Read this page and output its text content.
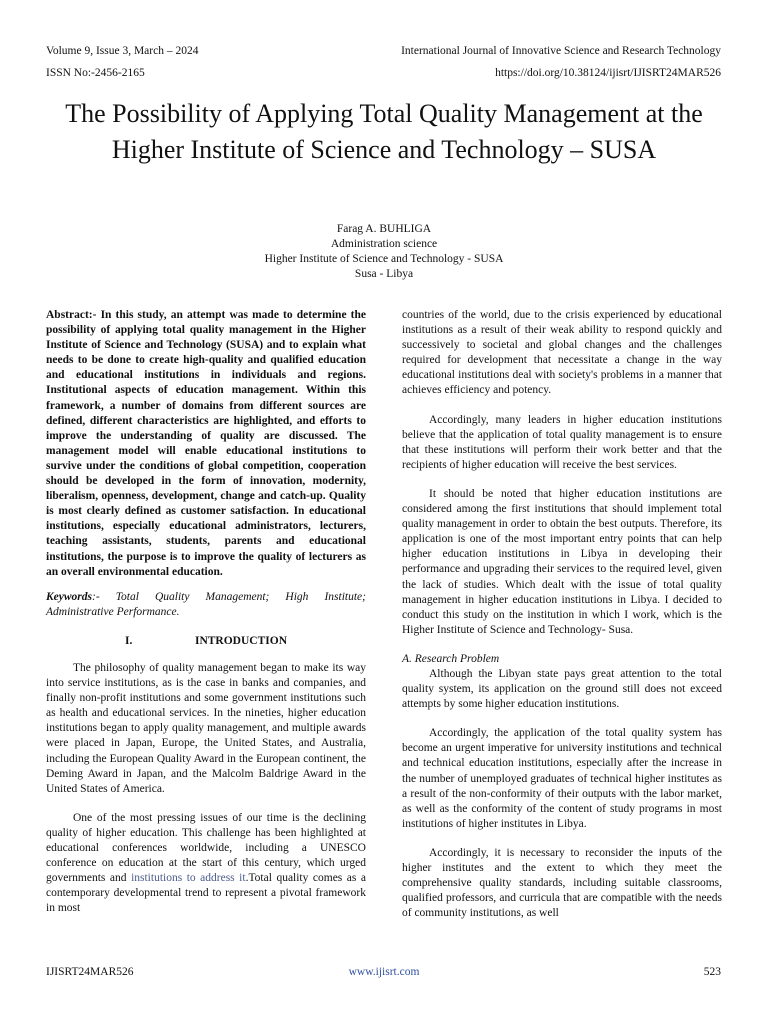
Volume 9, Issue 3, March ‒ 2024	International Journal of Innovative Science and Research Technology
ISSN No:-2456-2165	https://doi.org/10.38124/ijisrt/IJISRT24MAR526
The Possibility of Applying Total Quality Management at the Higher Institute of Science and Technology – SUSA
Farag A. BUHLIGA
Administration science
Higher Institute of Science and Technology - SUSA
Susa - Libya

Abstract:- In this study, an attempt was made to determine the possibility of applying total quality management in the Higher Institute of Science and Technology (SUSA) and to explain what needs to be done to create high-quality and qualified education and educational institutions in individuals and regions. Institutional aspects of education management. Within this framework, a number of domains from different sources are defined, different characteristics are highlighted, and efforts to improve the understanding of quality are discussed. The management model will enable educational institutions to survive under the conditions of global competition, cooperation should be developed in the form of innovation, modernity, liberalism, openness, development, change and catch-up. Quality is most clearly defined as customer satisfaction. In educational institutions, especially educational administrators, lecturers, teaching assistants, students, parents and educational institutions, the purpose is to improve the quality of lecturers as an overall environmental education.

Keywords:- Total Quality Management; High Institute; Administrative Performance.

I.	INTRODUCTION

The philosophy of quality management began to make its way into service institutions, as is the case in banks and companies, and finally non-profit institutions and some government institutions such as health and educational services. In the nineties, higher education institutions began to apply quality management, and multiple awards were placed in Japan, Europe, the United States, and Australia, including the European Quality Award in the European continent, the Deming Award in Japan, and the Malcolm Baldrige Award in the United States of America.

One of the most pressing issues of our time is the declining quality of higher education. This challenge has been highlighted at educational conferences worldwide, including a UNESCO conference on education at the start of this century, which urged governments and institutions to address it.Total quality comes as a contemporary developmental trend to represent a pivotal framework in most

countries of the world, due to the crisis experienced by educational institutions as a result of their weak ability to respond quickly and successively to societal and global changes and the challenges required for development that necessitate a change in the way educational institutions deal with society's problems in a manner that achieves efficiency and potency.

Accordingly, many leaders in higher education institutions believe that the application of total quality management is to ensure that these institutions will perform their work better and that the recipients of higher education will receive the best services.

It should be noted that higher education institutions are considered among the first institutions that should implement total quality management in order to obtain the best outputs. Therefore, its application is one of the most important entry points that can help higher education institutions in Libya in developing their performance and upgrading their services to the required level, given the lack of studies. Which dealt with the issue of total quality management in higher education institutions in Libya. I decided to conduct this study on the institution in which I work, which is the Higher Institute of Science and Technology- Susa.

A. Research Problem

Although the Libyan state pays great attention to the total quality system, its application on the ground still does not exceed attempts by some higher education institutions.

Accordingly, the application of the total quality system has become an urgent imperative for university institutions and technical and technical education institutions, especially after the increase in the number of unemployed graduates of technical higher institutes as a result of the non-conformity of their outputs with the labor market, as well as the conformity of the content of study programs in most institutions of higher institutes in Libya.

Accordingly, it is necessary to reconsider the inputs of the higher institutes and the extent to which they meet the comprehensive quality standards, including suitable classrooms, qualified professors, and curricula that are compatible with the needs of community institutions, as well

IJISRT24MAR526	www.ijisrt.com	523
